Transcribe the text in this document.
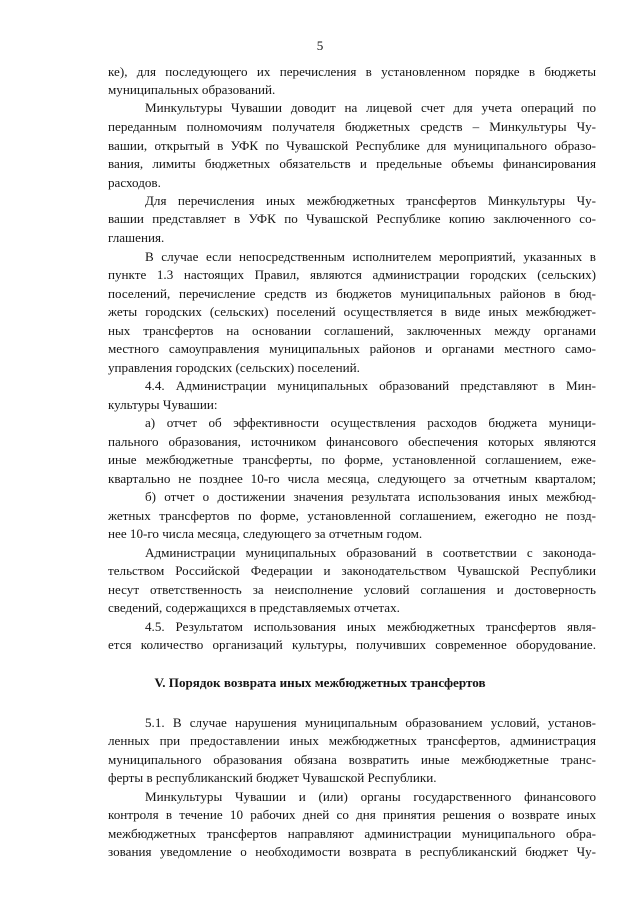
5
ке), для последующего их перечисления в установленном порядке в бюджеты
муниципальных образований.
Минкультуры Чувашии доводит на лицевой счет для учета операций по
переданным полномочиям получателя бюджетных средств – Минкультуры Чу-
вашии, открытый в УФК по Чувашской Республике для муниципального образо-
вания, лимиты бюджетных обязательств и предельные объемы финансирования
расходов.
Для перечисления иных межбюджетных трансфертов Минкультуры Чу-
вашии представляет в УФК по Чувашской Республике копию заключенного со-
глашения.
В случае если непосредственным исполнителем мероприятий, указанных в
пункте 1.3 настоящих Правил, являются администрации городских (сельских)
поселений, перечисление средств из бюджетов муниципальных районов в бюд-
жеты городских (сельских) поселений осуществляется в виде иных межбюджет-
ных трансфертов на основании соглашений, заключенных между органами
местного самоуправления муниципальных районов и органами местного само-
управления городских (сельских) поселений.
4.4. Администрации муниципальных образований представляют в Мин-
культуры Чувашии:
а) отчет об эффективности осуществления расходов бюджета муници-
пального образования, источником финансового обеспечения которых являются
иные межбюджетные трансферты, по форме, установленной соглашением, еже-
квартально не позднее 10-го числа месяца, следующего за отчетным кварталом;
б) отчет о достижении значения результата использования иных межбюд-
жетных трансфертов по форме, установленной соглашением, ежегодно не позд-
нее 10-го числа месяца, следующего за отчетным годом.
Администрации муниципальных образований в соответствии с законода-
тельством Российской Федерации и законодательством Чувашской Республики
несут ответственность за неисполнение условий соглашения и достоверность
сведений, содержащихся в представляемых отчетах.
4.5. Результатом использования иных межбюджетных трансфертов явля-
ется количество организаций культуры, получивших современное оборудование.
V. Порядок возврата иных межбюджетных трансфертов
5.1. В случае нарушения муниципальным образованием условий, установ-
ленных при предоставлении иных межбюджетных трансфертов, администрация
муниципального образования обязана возвратить иные межбюджетные транс-
ферты в республиканский бюджет Чувашской Республики.
Минкультуры Чувашии и (или) органы государственного финансового
контроля в течение 10 рабочих дней со дня принятия решения о возврате иных
межбюджетных трансфертов направляют администрации муниципального обра-
зования уведомление о необходимости возврата в республиканский бюджет Чу-
